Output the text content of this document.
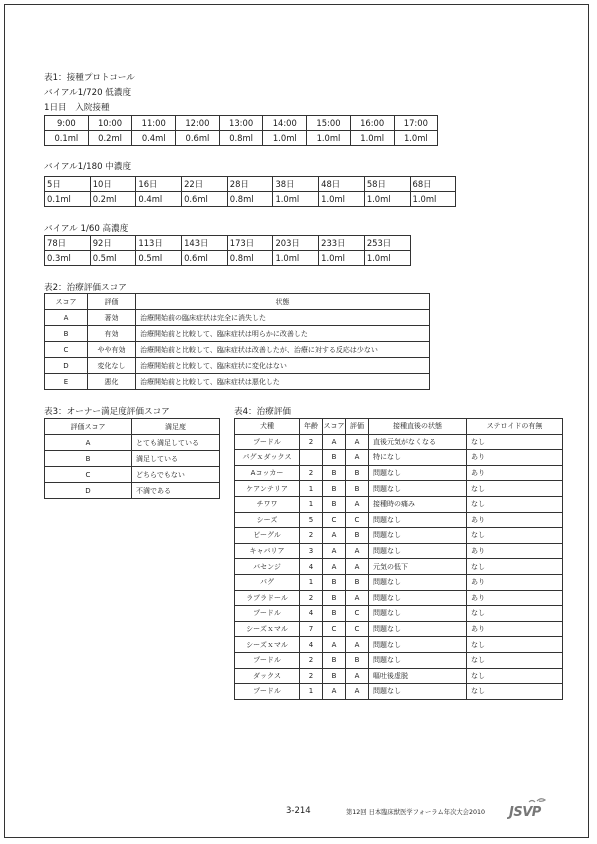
表1：接種プロトコール
バイアル1/720 低濃度
1日目　入院接種
9:00	10:00	11:00	12:00	13:00	14:00	15:00	16:00	17:00
0.1ml	0.2ml	0.4ml	0.6ml	0.8ml	1.0ml	1.0ml	1.0ml	1.0ml
バイアル1/180 中濃度
5日	10日	16日	22日	28日	38日	48日	58日	68日
0.1ml	0.2ml	0.4ml	0.6ml	0.8ml	1.0ml	1.0ml	1.0ml	1.0ml
バイアル 1/60 高濃度
78日	92日	113日	143日	173日	203日	233日	253日
0.3ml	0.5ml	0.5ml	0.6ml	0.8ml	1.0ml	1.0ml	1.0ml
表2：治療評価スコア
スコア	評価	状態
A	著効	治療開始前の臨床症状は完全に消失した
B	有効	治療開始前と比較して、臨床症状は明らかに改善した
C	やや有効	治療開始前と比較して、臨床症状は改善したが、治療に対する反応は少ない
D	変化なし	治療開始前と比較して、臨床症状に変化はない
E	悪化	治療開始前と比較して、臨床症状は悪化した
表3：オーナー満足度評価スコア
評価スコア	満足度
A	とても満足している
B	満足している
C	どちらでもない
D	不満である
表4：治療評価
犬種	年齢	スコア	評価	接種直後の状態	ステロイドの有無
プードル	2	A	A	直後元気がなくなる	なし
パグｘダックス		B	A	特になし	あり
Aコッカー	2	B	B	問題なし	あり
ケアンテリア	1	B	B	問題なし	なし
チワワ	1	B	A	接種時の痛み	なし
シーズ	5	C	C	問題なし	あり
ビーグル	2	A	B	問題なし	なし
キャバリア	3	A	A	問題なし	あり
バセンジ	4	A	A	元気の低下	なし
パグ	1	B	B	問題なし	あり
ラブラドール	2	B	A	問題なし	あり
プードル	4	B	C	問題なし	なし
シーズｘマル	7	C	C	問題なし	あり
シーズｘマル	4	A	A	問題なし	なし
プードル	2	B	B	問題なし	なし
ダックス	2	B	A	嘔吐後虚脱	なし
プードル	1	A	A	問題なし	なし
3-214	第12回 日本臨床獣医学フォーラム年次大会2010 JSVP
